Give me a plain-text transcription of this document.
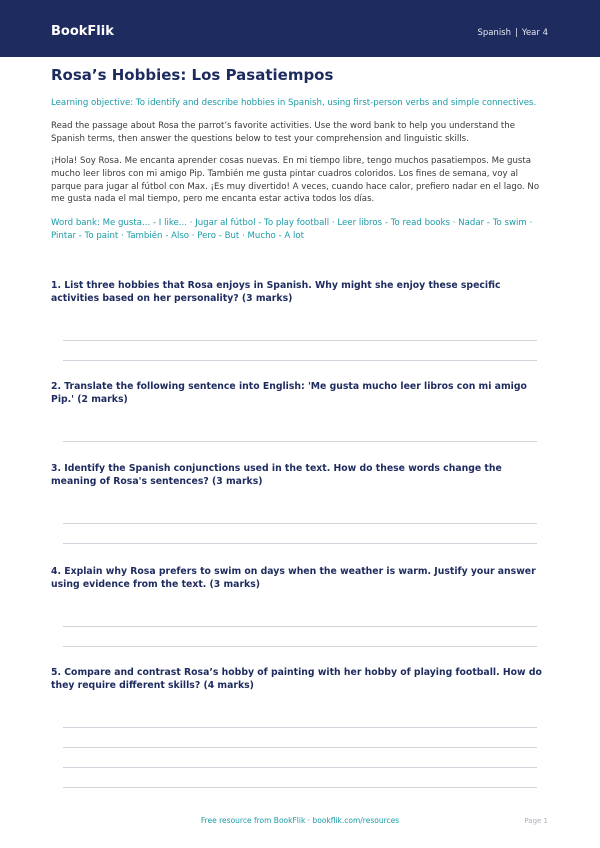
BookFlik	Spanish | Year 4
Rosa’s Hobbies: Los Pasatiempos
Learning objective: To identify and describe hobbies in Spanish, using first-person verbs and simple connectives.
Read the passage about Rosa the parrot’s favorite activities. Use the word bank to help you understand the Spanish terms, then answer the questions below to test your comprehension and linguistic skills.
¡Hola! Soy Rosa. Me encanta aprender cosas nuevas. En mi tiempo libre, tengo muchos pasatiempos. Me gusta mucho leer libros con mi amigo Pip. También me gusta pintar cuadros coloridos. Los fines de semana, voy al parque para jugar al fútbol con Max. ¡Es muy divertido! A veces, cuando hace calor, prefiero nadar en el lago. No me gusta nada el mal tiempo, pero me encanta estar activa todos los días.
Word bank: Me gusta... - I like... · Jugar al fútbol - To play football · Leer libros - To read books · Nadar - To swim · Pintar - To paint · También - Also · Pero - But · Mucho - A lot
1. List three hobbies that Rosa enjoys in Spanish. Why might she enjoy these specific activities based on her personality? (3 marks)
2. Translate the following sentence into English: 'Me gusta mucho leer libros con mi amigo Pip.' (2 marks)
3. Identify the Spanish conjunctions used in the text. How do these words change the meaning of Rosa's sentences? (3 marks)
4. Explain why Rosa prefers to swim on days when the weather is warm. Justify your answer using evidence from the text. (3 marks)
5. Compare and contrast Rosa’s hobby of painting with her hobby of playing football. How do they require different skills? (4 marks)
Free resource from BookFlik · bookflik.com/resources	Page 1
